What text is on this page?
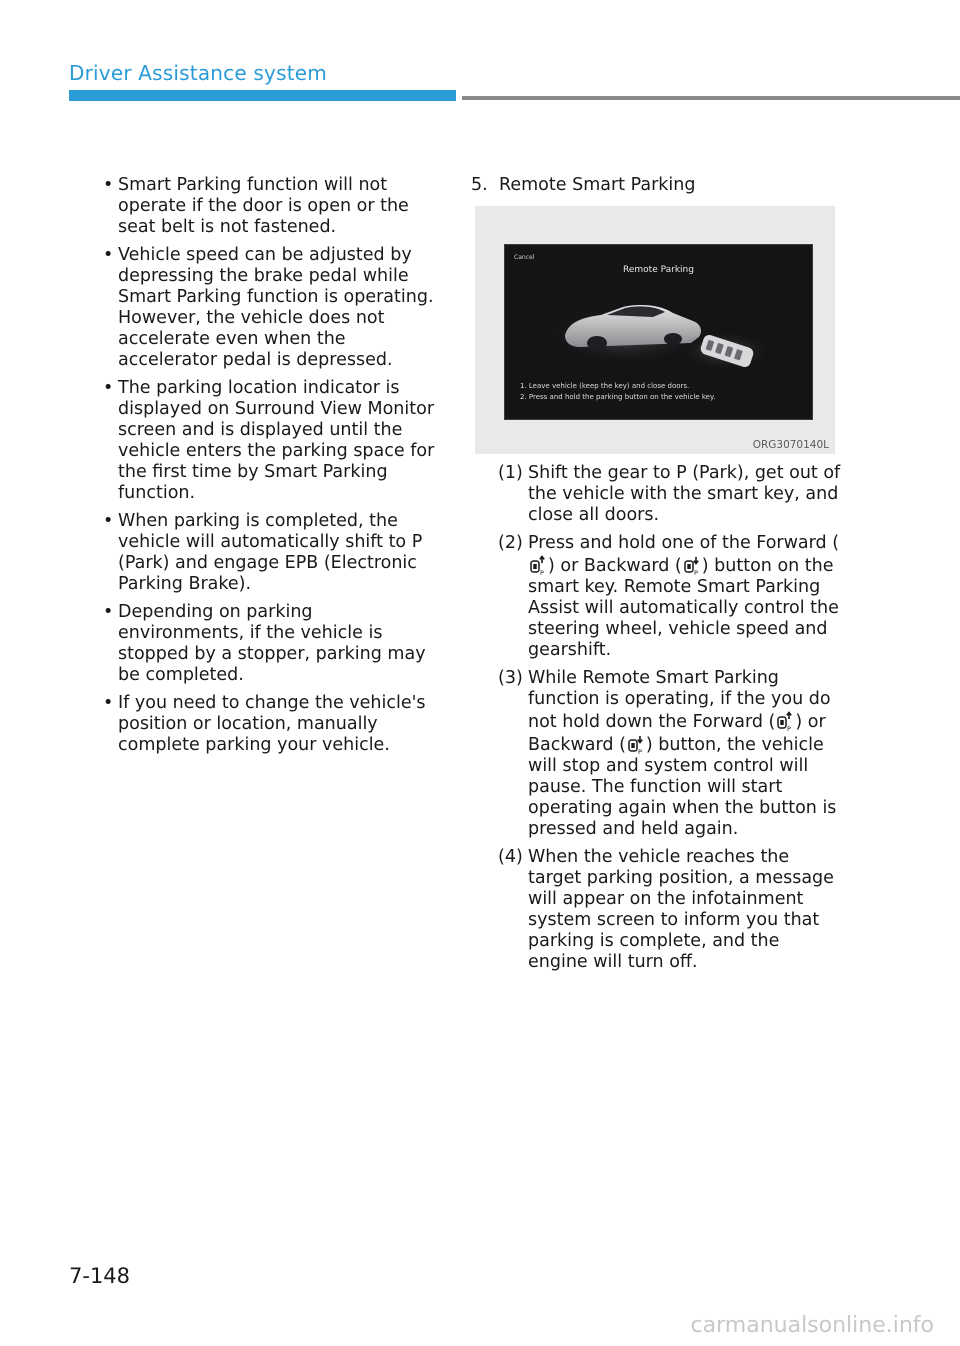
Driver Assistance system
• Smart Parking function will not operate if the door is open or the seat belt is not fastened.
• Vehicle speed can be adjusted by depressing the brake pedal while Smart Parking function is operating. However, the vehicle does not accelerate even when the accelerator pedal is depressed.
• The parking location indicator is displayed on Surround View Monitor screen and is displayed until the vehicle enters the parking space for the first time by Smart Parking function.
• When parking is completed, the vehicle will automatically shift to P (Park) and engage EPB (Electronic Parking Brake).
• Depending on parking environments, if the vehicle is stopped by a stopper, parking may be completed.
• If you need to change the vehicle's position or location, manually complete parking your vehicle.

5. Remote Smart Parking

Cancel
Remote Parking
1. Leave vehicle (keep the key) and close doors.
2. Press and hold the parking button on the vehicle key.
ORG3070140L
(1) Shift the gear to P (Park), get out of the vehicle with the smart key, and close all doors.
(2) Press and hold one of the Forward (
P ) or Backward ( P ) button on the smart key. Remote Smart Parking Assist will automatically control the steering wheel, vehicle speed and gearshift.
(3) While Remote Smart Parking function is operating, if the you do not hold down the Forward ( P ) or Backward ( P ) button, the vehicle will stop and system control will pause. The function will start operating again when the button is pressed and held again.
(4) When the vehicle reaches the target parking position, a message will appear on the infotainment system screen to inform you that parking is complete, and the engine will turn off.
7-148
carmanualsonline.info
